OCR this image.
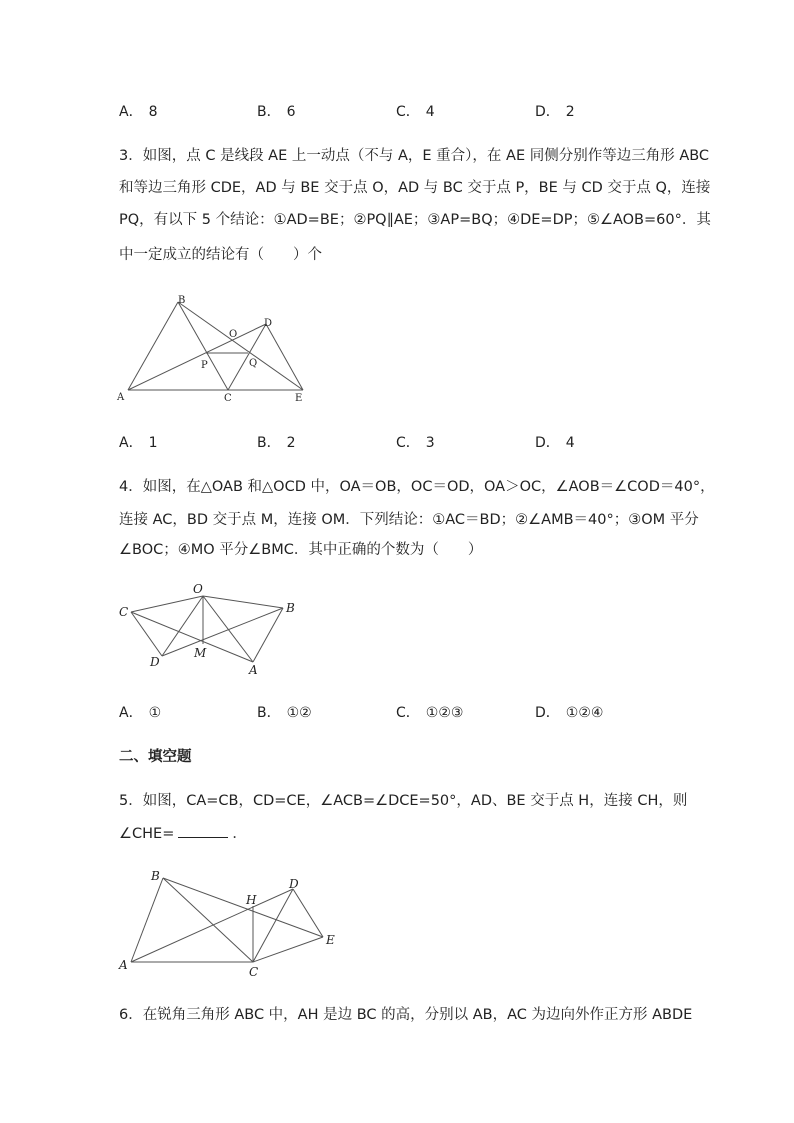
A． 8	B． 6	C． 4	D． 2
3．如图，点 C 是线段 AE 上一动点（不与 A，E 重合），在 AE 同侧分别作等边三角形 ABC
和等边三角形 CDE，AD 与 BE 交于点 O，AD 与 BC 交于点 P，BE 与 CD 交于点 Q，连接
PQ，有以下 5 个结论：①AD=BE；②PQ∥AE；③AP=BQ；④DE=DP；⑤∠AOB=60°．其
中一定成立的结论有（　　）个
A
B
C
D
E
O
P	Q
A． 1	B． 2	C． 3	D． 4
4．如图，在△OAB 和△OCD 中，OA＝OB，OC＝OD，OA＞OC，∠AOB＝∠COD＝40°，
连接 AC，BD 交于点 M，连接 OM．下列结论：①AC＝BD；②∠AMB＝40°；③OM 平分
∠BOC；④MO 平分∠BMC．其中正确的个数为（　　）
O
B
C
D
M
A
A． ①	B． ①②	C． ①②③	D． ①②④
二、填空题
5．如图，CA=CB，CD=CE，∠ACB=∠DCE=50°，AD、BE 交于点 H，连接 CH，则
∠CHE=	．
B
H
D
E
A	C
6．在锐角三角形 ABC 中，AH 是边 BC 的高，分别以 AB，AC 为边向外作正方形 ABDE
